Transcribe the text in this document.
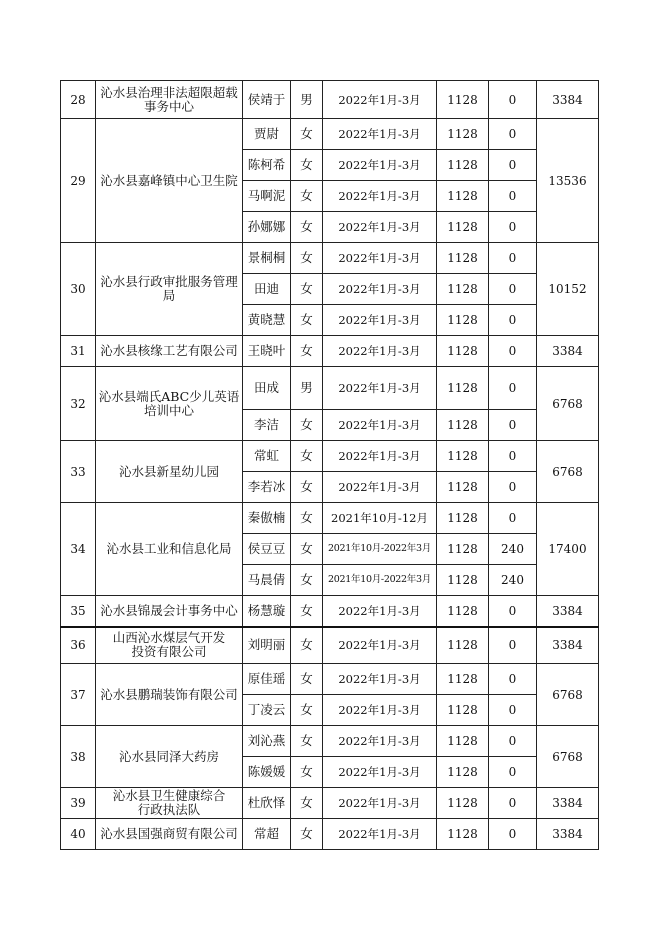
28	沁水县治理非法超限超载
事务中心	侯靖于	男	2022年1月-3月	1128	0	3384
29	沁水县嘉峰镇中心卫生院	贾尉	女	2022年1月-3月	1128	0	13536
		陈柯希	女	2022年1月-3月	1128	0	
		马啊泥	女	2022年1月-3月	1128	0	
		孙娜娜	女	2022年1月-3月	1128	0	
30	沁水县行政审批服务管理局	景桐桐	女	2022年1月-3月	1128	0	10152
		田迪	女	2022年1月-3月	1128	0	
		黄晓慧	女	2022年1月-3月	1128	0	
31	沁水县核缘工艺有限公司	王晓叶	女	2022年1月-3月	1128	0	3384
32	沁水县端氏ABC少儿英语
培训中心	田成	男	2022年1月-3月	1128	0	6768
		李洁	女	2022年1月-3月	1128	0	
33	沁水县新星幼儿园	常虹	女	2022年1月-3月	1128	0	6768
		李若冰	女	2022年1月-3月	1128	0	
34	沁水县工业和信息化局	秦傲楠	女	2021年10月-12月	1128	0	17400
		侯豆豆	女	2021年10月-2022年3月	1128	240	
		马晨倩	女	2021年10月-2022年3月	1128	240	
35	沁水县锦晟会计事务中心	杨慧璇	女	2022年1月-3月	1128	0	3384
36	山西沁水煤层气开发
投资有限公司	刘明丽	女	2022年1月-3月	1128	0	3384
37	沁水县鹏瑞装饰有限公司	原佳瑶	女	2022年1月-3月	1128	0	6768
		丁凌云	女	2022年1月-3月	1128	0	
38	沁水县同泽大药房	刘沁燕	女	2022年1月-3月	1128	0	6768
		陈媛媛	女	2022年1月-3月	1128	0	
39	沁水县卫生健康综合
行政执法队	杜欣怿	女	2022年1月-3月	1128	0	3384
40	沁水县国强商贸有限公司	常超	女	2022年1月-3月	1128	0	3384
